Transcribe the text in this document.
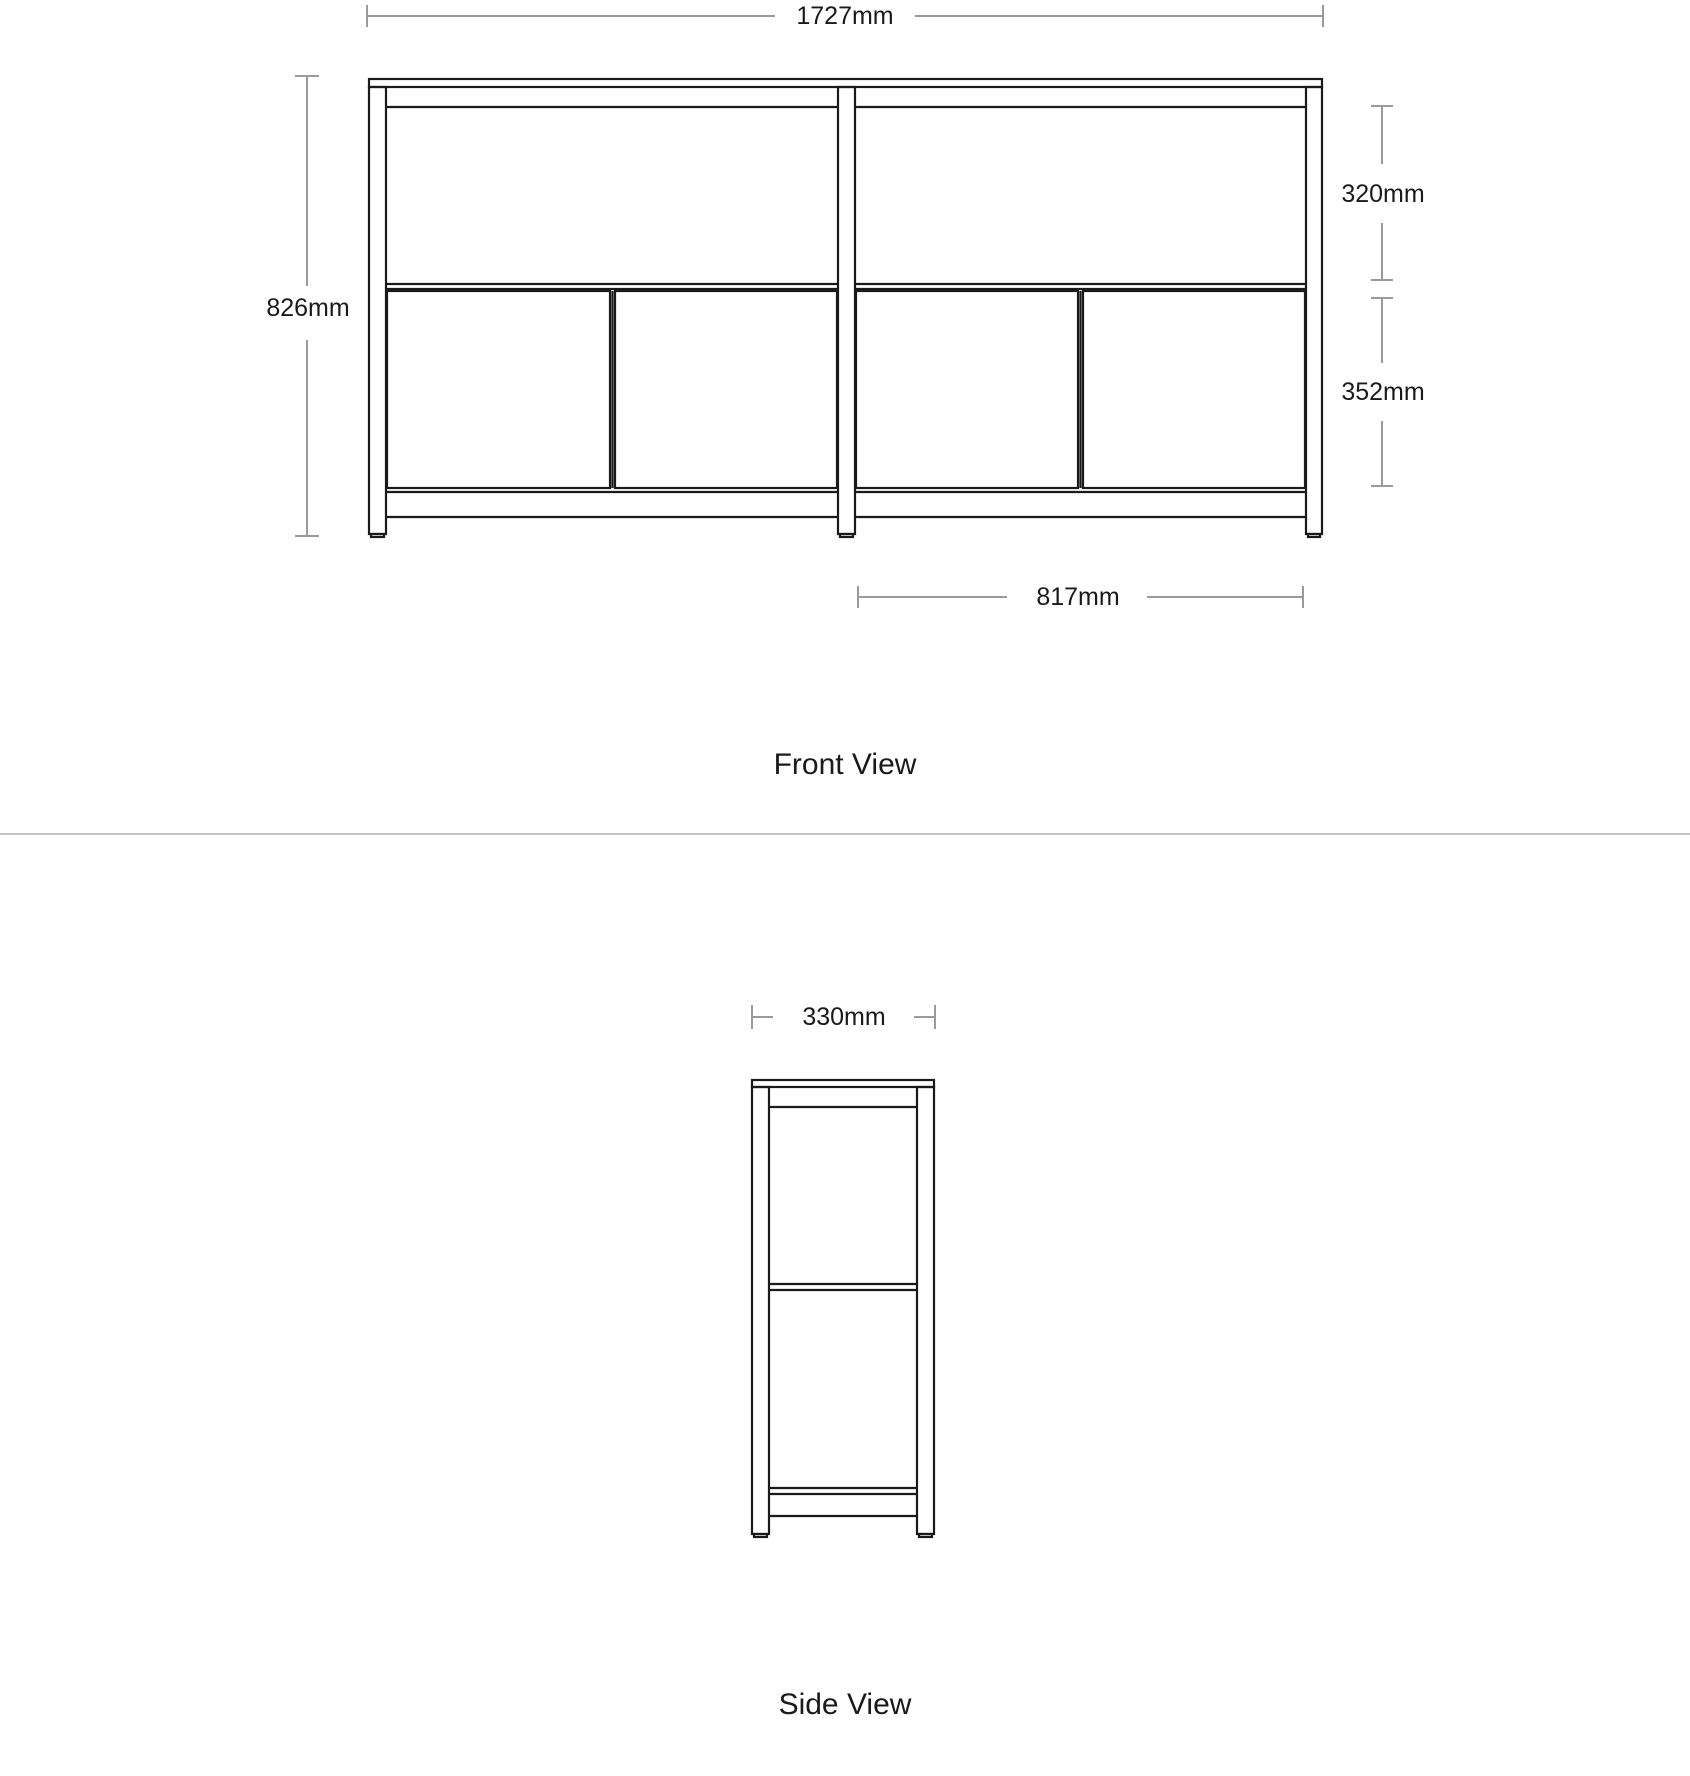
1727mm
826mm
320mm
352mm
817mm
Front View
330mm
Side View
